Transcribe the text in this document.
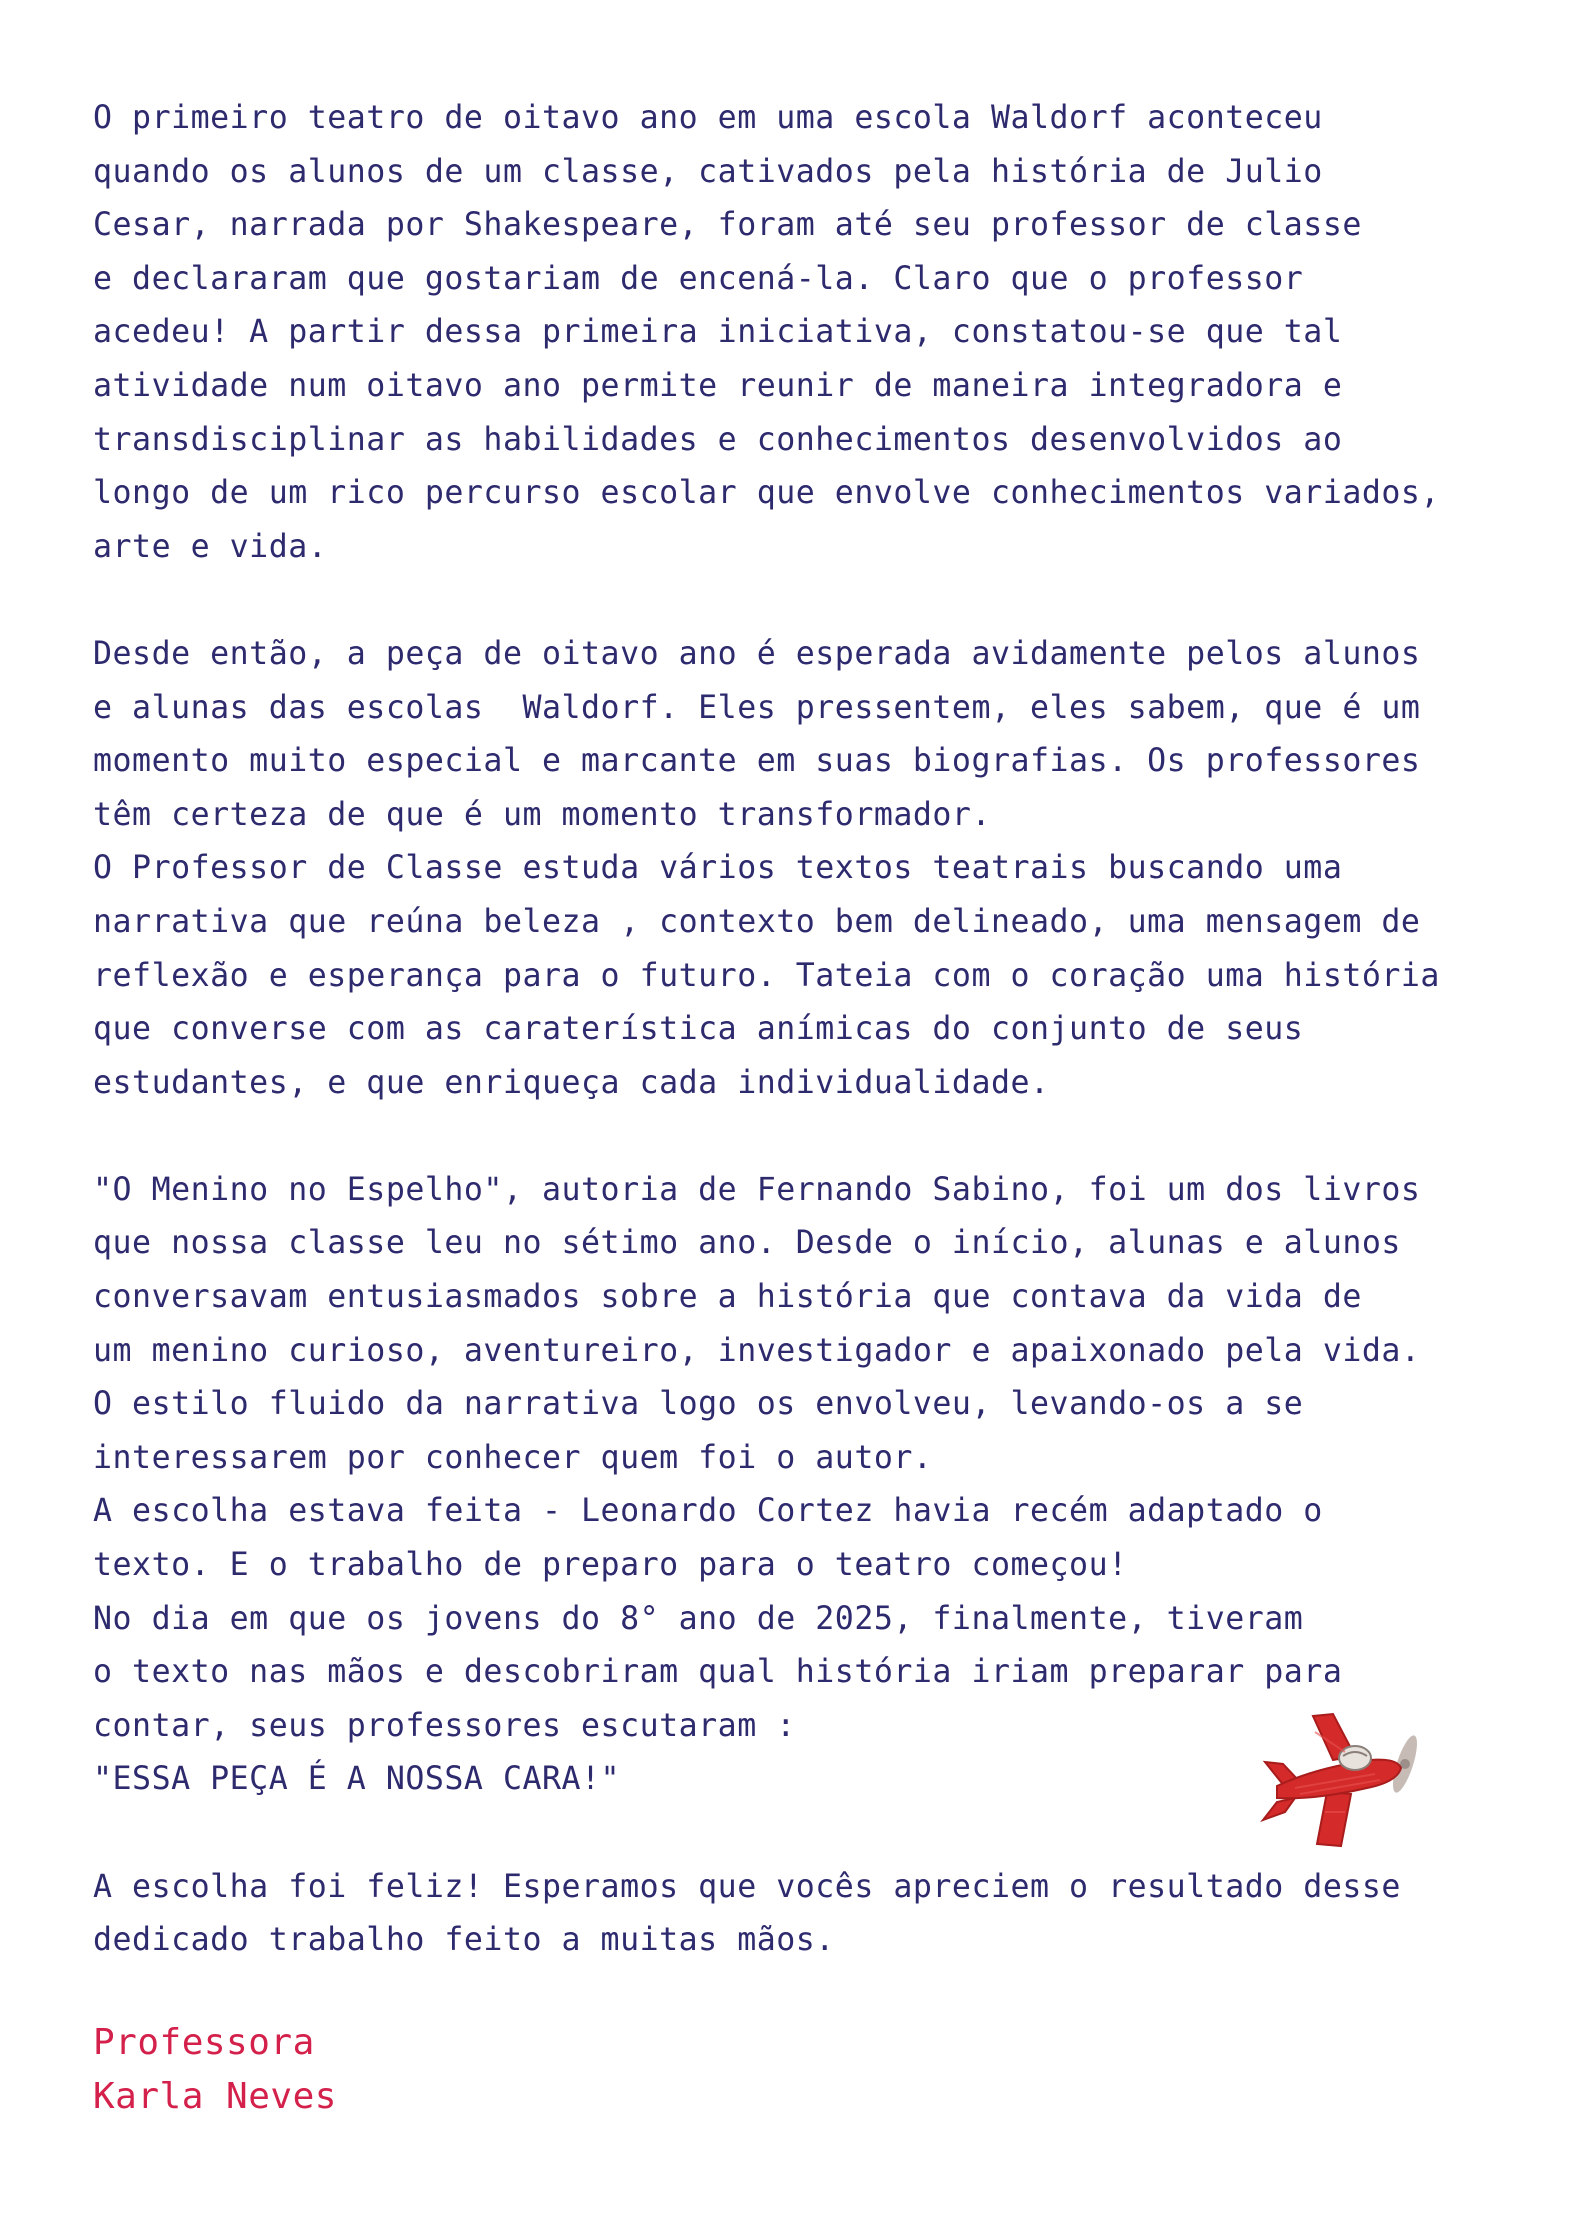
O primeiro teatro de oitavo ano em uma escola Waldorf aconteceu
quando os alunos de um classe, cativados pela história de Julio
Cesar, narrada por Shakespeare, foram até seu professor de classe
e declararam que gostariam de encená-la. Claro que o professor
acedeu! A partir dessa primeira iniciativa, constatou-se que tal
atividade num oitavo ano permite reunir de maneira integradora e
transdisciplinar as habilidades e conhecimentos desenvolvidos ao
longo de um rico percurso escolar que envolve conhecimentos variados,
arte e vida.
Desde então, a peça de oitavo ano é esperada avidamente pelos alunos
e alunas das escolas  Waldorf. Eles pressentem, eles sabem, que é um
momento muito especial e marcante em suas biografias. Os professores
têm certeza de que é um momento transformador.
O Professor de Classe estuda vários textos teatrais buscando uma
narrativa que reúna beleza , contexto bem delineado, uma mensagem de
reflexão e esperança para o futuro. Tateia com o coração uma história
que converse com as caraterística anímicas do conjunto de seus
estudantes, e que enriqueça cada individualidade.
"O Menino no Espelho", autoria de Fernando Sabino, foi um dos livros
que nossa classe leu no sétimo ano. Desde o início, alunas e alunos
conversavam entusiasmados sobre a história que contava da vida de
um menino curioso, aventureiro, investigador e apaixonado pela vida.
O estilo fluido da narrativa logo os envolveu, levando-os a se
interessarem por conhecer quem foi o autor.
A escolha estava feita - Leonardo Cortez havia recém adaptado o
texto. E o trabalho de preparo para o teatro começou!
No dia em que os jovens do 8° ano de 2025, finalmente, tiveram
o texto nas mãos e descobriram qual história iriam preparar para
contar, seus professores escutaram :
"ESSA PEÇA É A NOSSA CARA!"
A escolha foi feliz! Esperamos que vocês apreciem o resultado desse
dedicado trabalho feito a muitas mãos.
Professora
Karla Neves
